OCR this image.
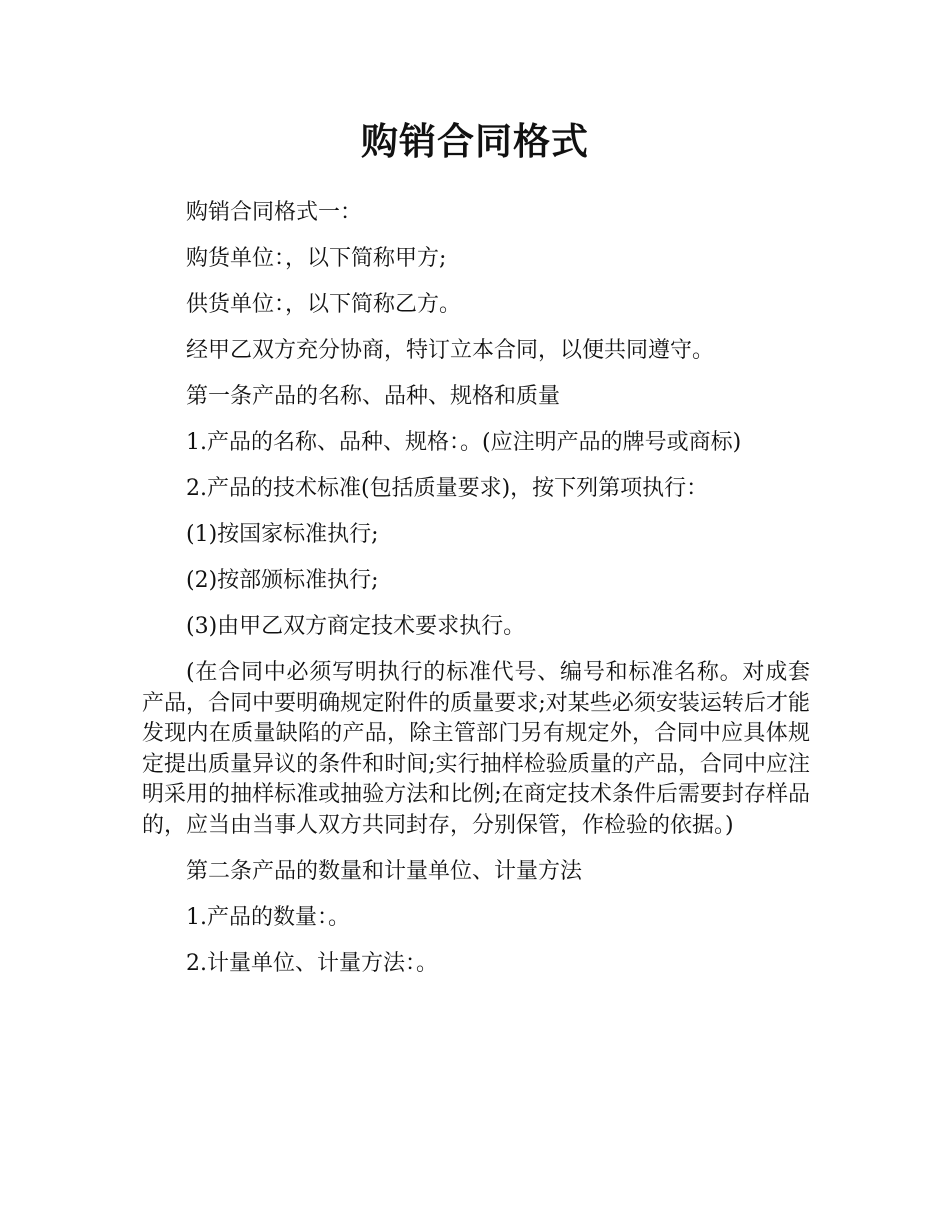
购销合同格式

购销合同格式一：

购货单位：，以下简称甲方;

供货单位：，以下简称乙方。

经甲乙双方充分协商，特订立本合同，以便共同遵守。

第一条产品的名称、品种、规格和质量

1.产品的名称、品种、规格：。(应注明产品的牌号或商标)

2.产品的技术标准(包括质量要求)，按下列第项执行：

(1)按国家标准执行;

(2)按部颁标准执行;

(3)由甲乙双方商定技术要求执行。

(在合同中必须写明执行的标准代号、编号和标准名称。对成套产品，合同中要明确规定附件的质量要求;对某些必须安装运转后才能发现内在质量缺陷的产品，除主管部门另有规定外，合同中应具体规定提出质量异议的条件和时间;实行抽样检验质量的产品，合同中应注明采用的抽样标准或抽验方法和比例;在商定技术条件后需要封存样品的，应当由当事人双方共同封存，分别保管，作检验的依据。)

第二条产品的数量和计量单位、计量方法

1.产品的数量：。

2.计量单位、计量方法：。
